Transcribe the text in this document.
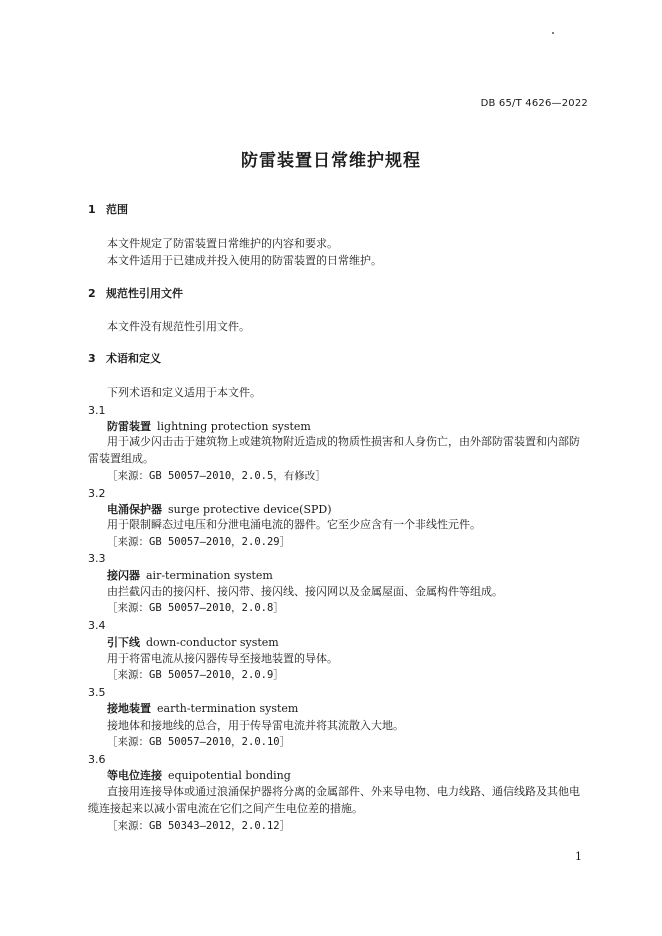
DB 65/T 4626—2022
防雷装置日常维护规程
1 范围
本文件规定了防雷装置日常维护的内容和要求。
本文件适用于已建成并投入使用的防雷装置的日常维护。
2 规范性引用文件
本文件没有规范性引用文件。
3 术语和定义
下列术语和定义适用于本文件。
3.1
防雷装置 lightning protection system
用于减少闪击击于建筑物上或建筑物附近造成的物质性损害和人身伤亡，由外部防雷装置和内部防雷装置组成。
［来源：GB 50057—2010，2.0.5，有修改］
3.2
电涌保护器 surge protective device(SPD)
用于限制瞬态过电压和分泄电涌电流的器件。它至少应含有一个非线性元件。
［来源：GB 50057—2010，2.0.29］
3.3
接闪器 air-termination system
由拦截闪击的接闪杆、接闪带、接闪线、接闪网以及金属屋面、金属构件等组成。
［来源：GB 50057—2010，2.0.8］
3.4
引下线 down-conductor system
用于将雷电流从接闪器传导至接地装置的导体。
［来源：GB 50057—2010，2.0.9］
3.5
接地装置 earth-termination system
接地体和接地线的总合，用于传导雷电流并将其流散入大地。
［来源：GB 50057—2010，2.0.10］
3.6
等电位连接 equipotential bonding
直接用连接导体或通过浪涌保护器将分离的金属部件、外来导电物、电力线路、通信线路及其他电缆连接起来以减小雷电流在它们之间产生电位差的措施。
［来源：GB 50343—2012，2.0.12］
1
